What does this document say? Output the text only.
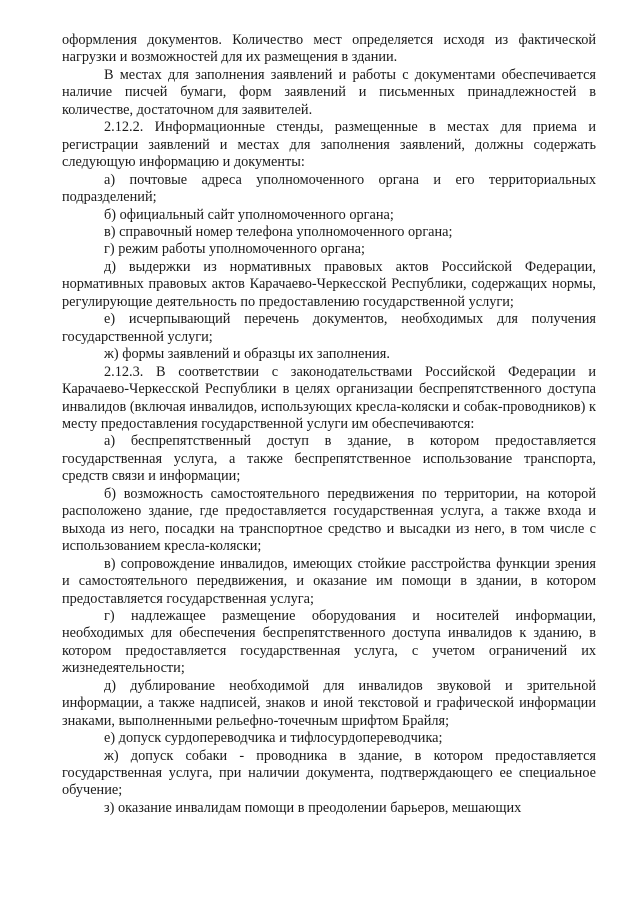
оформления документов. Количество мест определяется исходя из фактической нагрузки и возможностей для их размещения в здании.

В местах для заполнения заявлений и работы с документами обеспечивается наличие писчей бумаги, форм заявлений и письменных принадлежностей в количестве, достаточном для заявителей.

2.12.2. Информационные стенды, размещенные в местах для приема и регистрации заявлений и местах для заполнения заявлений, должны содержать следующую информацию и документы:

а) почтовые адреса уполномоченного органа и его территориальных подразделений;

б) официальный сайт уполномоченного органа;

в) справочный номер телефона уполномоченного органа;

г) режим работы уполномоченного органа;

д) выдержки из нормативных правовых актов Российской Федерации, нормативных правовых актов Карачаево-Черкесской Республики, содержащих нормы, регулирующие деятельность по предоставлению государственной услуги;

е) исчерпывающий перечень документов, необходимых для получения государственной услуги;

ж) формы заявлений и образцы их заполнения.

2.12.3. В соответствии с законодательствами Российской Федерации и Карачаево-Черкесской Республики в целях организации беспрепятственного доступа инвалидов (включая инвалидов, использующих кресла-коляски и собак-проводников) к месту предоставления государственной услуги им обеспечиваются:

а) беспрепятственный доступ в здание, в котором предоставляется государственная услуга, а также беспрепятственное использование транспорта, средств связи и информации;

б) возможность самостоятельного передвижения по территории, на которой расположено здание, где предоставляется государственная услуга, а также входа и выхода из него, посадки на транспортное средство и высадки из него, в том числе с использованием кресла-коляски;

в) сопровождение инвалидов, имеющих стойкие расстройства функции зрения и самостоятельного передвижения, и оказание им помощи в здании, в котором предоставляется государственная услуга;

г) надлежащее размещение оборудования и носителей информации, необходимых для обеспечения беспрепятственного доступа инвалидов к зданию, в котором предоставляется государственная услуга, с учетом ограничений их жизнедеятельности;

д) дублирование необходимой для инвалидов звуковой и зрительной информации, а также надписей, знаков и иной текстовой и графической информации знаками, выполненными рельефно-точечным шрифтом Брайля;

е) допуск сурдопереводчика и тифлосурдопереводчика;

ж) допуск собаки - проводника в здание, в котором предоставляется государственная услуга, при наличии документа, подтверждающего ее специальное обучение;

з) оказание инвалидам помощи в преодолении барьеров, мешающих
